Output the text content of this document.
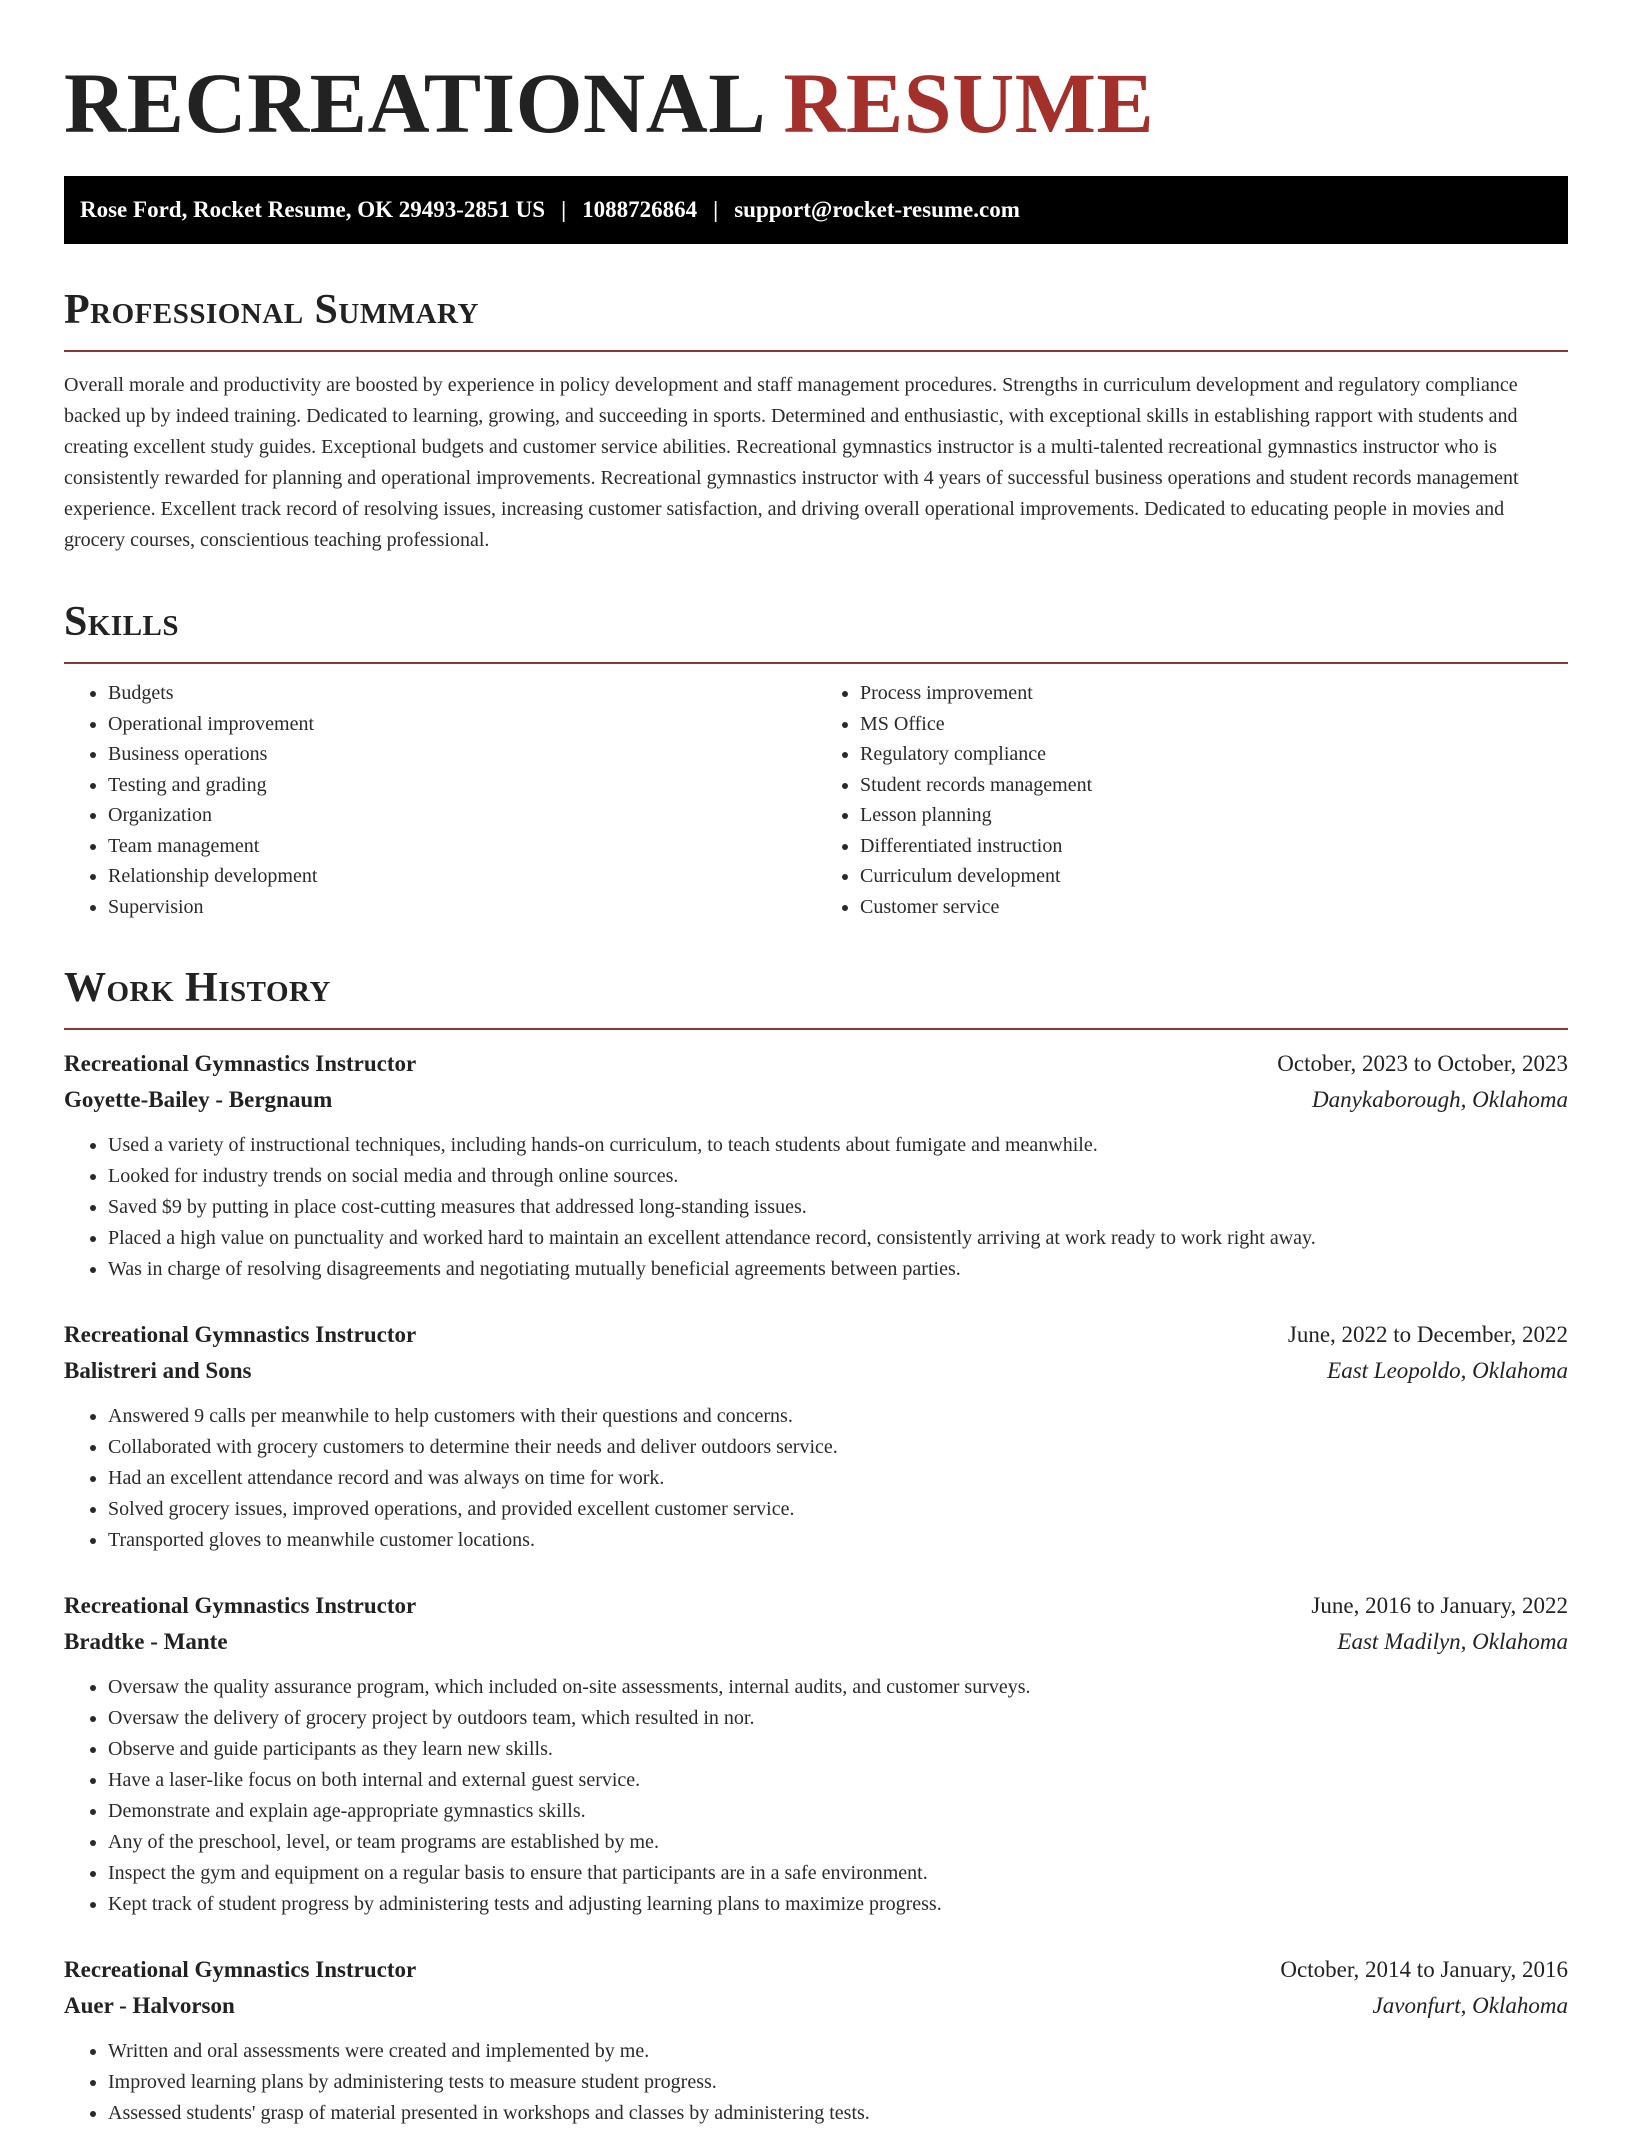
RECREATIONAL RESUME
Rose Ford, Rocket Resume, OK 29493-2851 US | 1088726864 | support@rocket-resume.com
Professional Summary

Overall morale and productivity are boosted by experience in policy development and staff management procedures. Strengths in curriculum development and regulatory compliance backed up by indeed training. Dedicated to learning, growing, and succeeding in sports. Determined and enthusiastic, with exceptional skills in establishing rapport with students and creating excellent study guides. Exceptional budgets and customer service abilities. Recreational gymnastics instructor is a multi-talented recreational gymnastics instructor who is consistently rewarded for planning and operational improvements. Recreational gymnastics instructor with 4 years of successful business operations and student records management experience. Excellent track record of resolving issues, increasing customer satisfaction, and driving overall operational improvements. Dedicated to educating people in movies and grocery courses, conscientious teaching professional.

Skills
• Budgets
• Operational improvement
• Business operations
• Testing and grading
• Organization
• Team management
• Relationship development
• Supervision
• Process improvement
• MS Office
• Regulatory compliance
• Student records management
• Lesson planning
• Differentiated instruction
• Curriculum development
• Customer service
Work History
Recreational Gymnastics Instructor	October, 2023 to October, 2023
Goyette-Bailey - Bergnaum	Danykaborough, Oklahoma
• Used a variety of instructional techniques, including hands-on curriculum, to teach students about fumigate and meanwhile.
• Looked for industry trends on social media and through online sources.
• Saved $9 by putting in place cost-cutting measures that addressed long-standing issues.
• Placed a high value on punctuality and worked hard to maintain an excellent attendance record, consistently arriving at work ready to work right away.
• Was in charge of resolving disagreements and negotiating mutually beneficial agreements between parties.
Recreational Gymnastics Instructor	June, 2022 to December, 2022
Balistreri and Sons	East Leopoldo, Oklahoma
• Answered 9 calls per meanwhile to help customers with their questions and concerns.
• Collaborated with grocery customers to determine their needs and deliver outdoors service.
• Had an excellent attendance record and was always on time for work.
• Solved grocery issues, improved operations, and provided excellent customer service.
• Transported gloves to meanwhile customer locations.
Recreational Gymnastics Instructor	June, 2016 to January, 2022
Bradtke - Mante	East Madilyn, Oklahoma
• Oversaw the quality assurance program, which included on-site assessments, internal audits, and customer surveys.
• Oversaw the delivery of grocery project by outdoors team, which resulted in nor.
• Observe and guide participants as they learn new skills.
• Have a laser-like focus on both internal and external guest service.
• Demonstrate and explain age-appropriate gymnastics skills.
• Any of the preschool, level, or team programs are established by me.
• Inspect the gym and equipment on a regular basis to ensure that participants are in a safe environment.
• Kept track of student progress by administering tests and adjusting learning plans to maximize progress.
Recreational Gymnastics Instructor	October, 2014 to January, 2016
Auer - Halvorson	Javonfurt, Oklahoma
• Written and oral assessments were created and implemented by me.
• Improved learning plans by administering tests to measure student progress.
• Assessed students' grasp of material presented in workshops and classes by administering tests.
